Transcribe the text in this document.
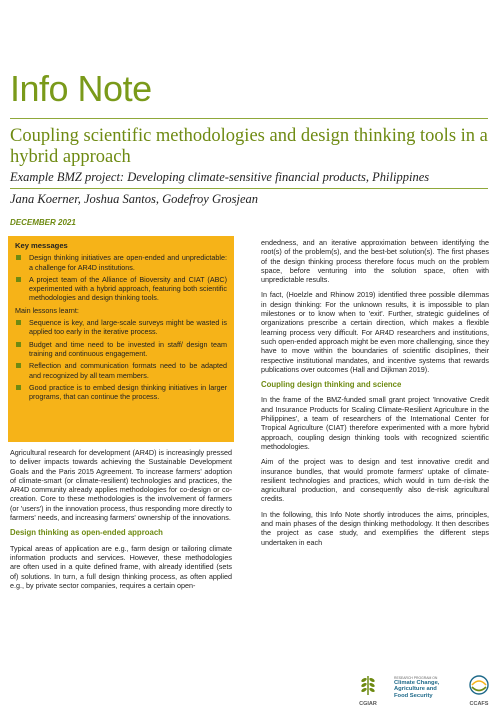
Info Note
Coupling scientific methodologies and design thinking tools in a hybrid approach
Example BMZ project: Developing climate-sensitive financial products, Philippines
Jana Koerner, Joshua Santos, Godefroy Grosjean
DECEMBER 2021
Key messages
Design thinking initiatives are open-ended and unpredictable: a challenge for AR4D institutions.
A project team of the Alliance of Bioversity and CIAT (ABC) experimented with a hybrid approach, featuring both scientific methodologies and design thinking tools.
Main lessons learnt:
Sequence is key, and large-scale surveys might be wasted is applied too early in the iterative process.
Budget and time need to be invested in staff/ design team training and continuous engagement.
Reflection and communication formats need to be adapted and recognized by all team members.
Good practice is to embed design thinking initiatives in larger programs, that can continue the process.

Agricultural research for development (AR4D) is increasingly pressed to deliver impacts towards achieving the Sustainable Development Goals and the Paris 2015 Agreement. To increase farmers' adoption of climate-smart (or climate-resilient) technologies and practices, the AR4D community already applies methodologies for co-design or co-creation. Core to these methodologies is the involvement of farmers (or 'users') in the innovation process, thus responding more directly to farmers' needs, and increasing farmers' ownership of the innovations.

Design thinking as open-ended approach

Typical areas of application are e.g., farm design or tailoring climate information products and services. However, these methodologies are often used in a quite defined frame, with already identified (sets of) solutions. In turn, a full design thinking process, as often applied e.g., by private sector companies, requires a certain open-

endedness, and an iterative approximation between identifying the root(s) of the problem(s), and the best-bet solution(s). The first phases of the design thinking process therefore focus much on the problem space, before venturing into the solution space, often with unpredictable results.

In fact, (Hoelzle and Rhinow 2019) identified three possible dilemmas in design thinking: For the unknown results, it is impossible to plan milestones or to know when to 'exit'. Further, strategic guidelines of organizations prescribe a certain direction, which makes a flexible learning process very difficult. For AR4D researchers and institutions, such open-ended approach might be even more challenging, since they have to move within the boundaries of scientific disciplines, their respective institutional mandates, and incentive systems that rewards publications over outcomes (Hall and Dijkman 2019).

Coupling design thinking and science

In the frame of the BMZ-funded small grant project 'Innovative Credit and Insurance Products for Scaling Climate-Resilient Agriculture in the Philippines', a team of researchers of the International Center for Tropical Agriculture (CIAT) therefore experimented with a more hybrid approach, coupling design thinking tools with recognized scientific methodologies.

Aim of the project was to design and test innovative credit and insurance bundles, that would promote farmers' uptake of climate-resilient technologies and practices, which would in turn de-risk the agricultural production, and consequently also de-risk agricultural credits.

In the following, this Info Note shortly introduces the aims, principles, and main phases of the design thinking methodology. It then describes the project as case study, and exemplifies the different steps undertaken in each

CGIAR
RESEARCH PROGRAM ON
Climate Change,
Agriculture and
Food Security
CCAFS
